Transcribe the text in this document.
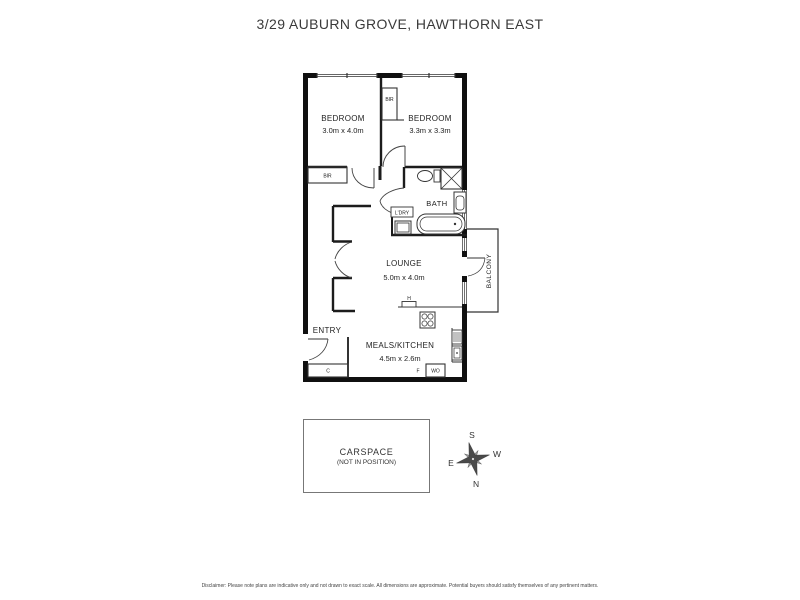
3/29 AUBURN GROVE, HAWTHORN EAST
BALCONY
BEDROOM
3.0m x 4.0m
BEDROOM
3.3m x 3.3m
LOUNGE
5.0m x 4.0m
MEALS/KITCHEN
4.5m x 2.6m
BATH
ENTRY
L'DRY
BIR
BIR
C	F WO
H
CARSPACE
(NOT IN POSITION)
S
N
E
W
Disclaimer: Please note plans are indicative only and not drawn to exact scale. All dimensions are approximate. Potential buyers should satisfy themselves of any pertinent matters.
